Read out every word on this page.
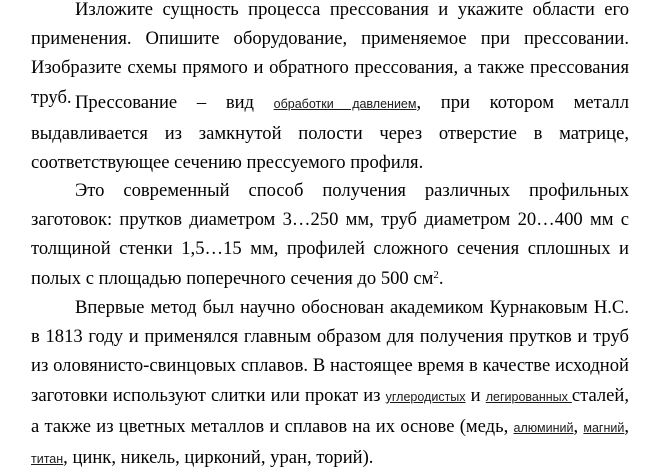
Изложите сущность процесса прессования и укажите области его применения. Опишите оборудование, применяемое при прессовании. Изобразите схемы прямого и обратного прессования, а также прессования труб. Прессование – вид обработки давлением, при котором металл выдавливается из замкнутой полости через отверстие в матрице, соответствующее сечению прессуемого профиля.

Это современный способ получения различных профильных заготовок: прутков диаметром 3…250 мм, труб диаметром 20…400 мм с толщиной стенки 1,5…15 мм, профилей сложного сечения сплошных и полых с площадью поперечного сечения до 500 $см^2$.

Впервые метод был научно обоснован академиком Курнаковым Н.С. в 1813 году и применялся главным образом для получения прутков и труб из оловянисто-свинцовых сплавов. В настоящее время в качестве исходной заготовки используют слитки или прокат из углеродистых и легированных сталей, а также из цветных металлов и сплавов на их основе (медь, алюминий, магний, титан, цинк, никель, цирконий, уран, торий).
